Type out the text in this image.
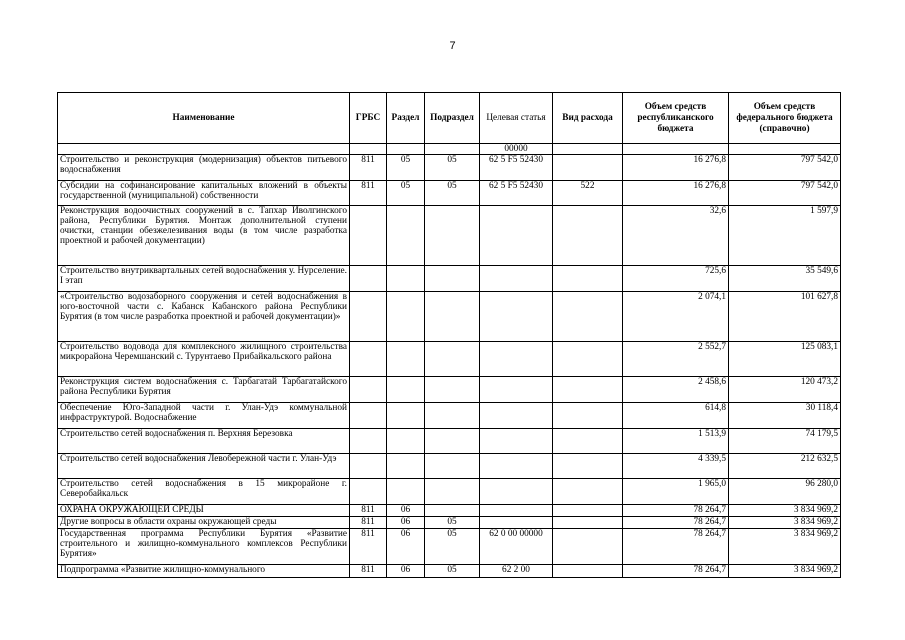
7
Наименование	ГРБС	Раздел	Подраздел	Целевая статья	Вид расхода	Объем средств республиканского бюджета	Объем средств федерального бюджета (справочно)
				00000			
Строительство и реконструкция (модернизация) объектов питьевого водоснабжения	811	05	05	62 5 F5 52430		16 276,8	797 542,0
Субсидии на софинансирование капитальных вложений в объекты государственной (муниципальной) собственности	811	05	05	62 5 F5 52430	522	16 276,8	797 542,0
Реконструкция водоочистных сооружений в с. Тапхар Иволгинского района, Республики Бурятия. Монтаж дополнительной ступени очистки, станции обезжелезивания воды (в том числе разработка проектной и рабочей документации)						32,6	1 597,9
Строительство внутриквартальных сетей водоснабжения у. Нурселение. I этап						725,6	35 549,6
«Строительство водозаборного сооружения и сетей водоснабжения в юго-восточной части с. Кабанск Кабанского района Республики Бурятия (в том числе разработка проектной и рабочей документации)»						2 074,1	101 627,8
Строительство водовода для комплексного жилищного строительства микрорайона Черемшанский с. Турунтаево Прибайкальского района						2 552,7	125 083,1
Реконструкция систем водоснабжения с. Тарбагатай Тарбагатайского района Республики Бурятия						2 458,6	120 473,2
Обеспечение Юго-Западной части г. Улан-Удэ коммунальной инфраструктурой. Водоснабжение						614,8	30 118,4
Строительство сетей водоснабжения п. Верхняя Березовка						1 513,9	74 179,5
Строительство сетей водоснабжения Левобережной части г. Улан-Удэ						4 339,5	212 632,5
Строительство сетей водоснабжения в 15 микрорайоне г. Северобайкальск						1 965,0	96 280,0
ОХРАНА ОКРУЖАЮЩЕЙ СРЕДЫ	811	06				78 264,7	3 834 969,2
Другие вопросы в области охраны окружающей среды	811	06	05			78 264,7	3 834 969,2
Государственная программа Республики Бурятия «Развитие строительного и жилищно-коммунального комплексов Республики Бурятия»	811	06	05	62 0 00 00000		78 264,7	3 834 969,2
Подпрограмма «Развитие жилищно-коммунального	811	06	05	62 2 00		78 264,7	3 834 969,2
